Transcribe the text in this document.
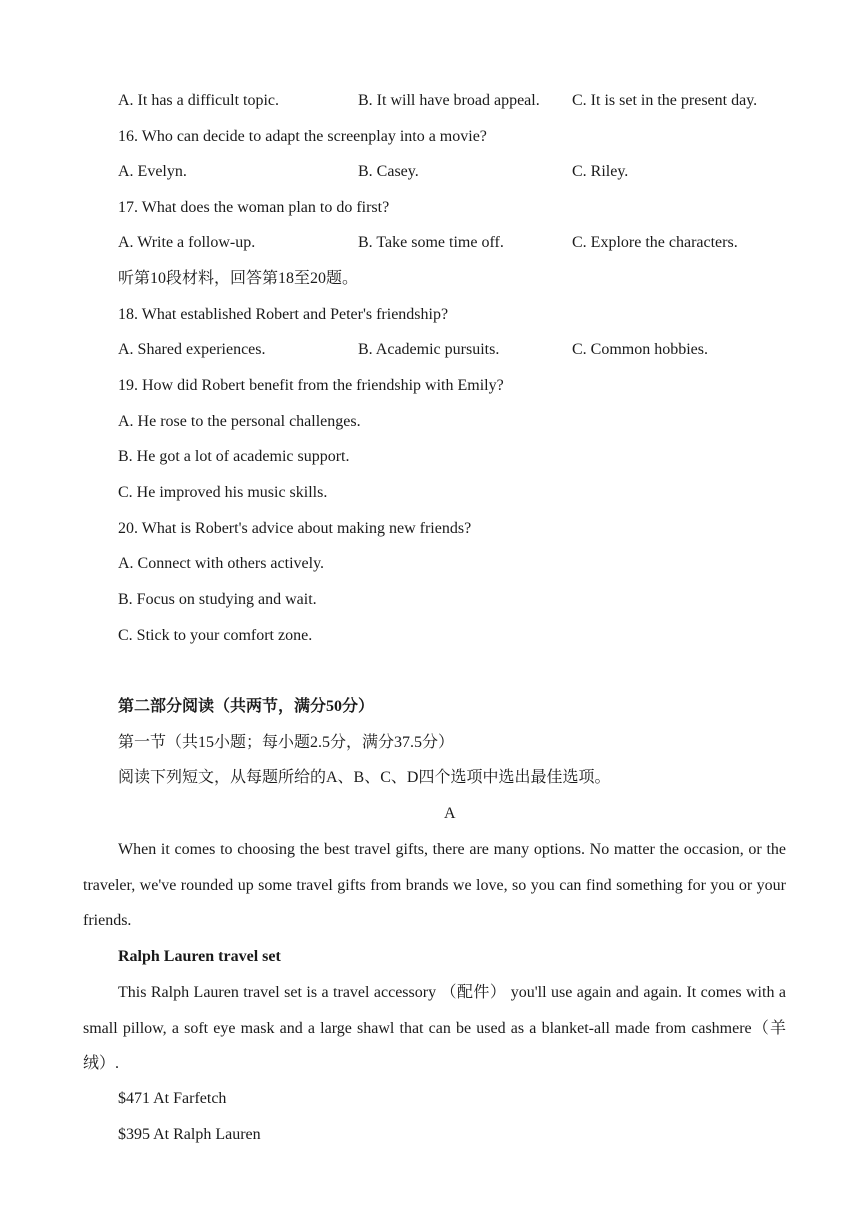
A. It has a difficult topic.	B. It will have broad appeal. C. It is set in the present day.
16. Who can decide to adapt the screenplay into a movie?
A. Evelyn.	B. Casey.	C. Riley.
17. What does the woman plan to do first?
A. Write a follow-up.	B. Take some time off.	C. Explore the characters.
听第10段材料，回答第18至20题。
18. What established Robert and Peter's friendship?
A. Shared experiences.	B. Academic pursuits.	C. Common hobbies.
19. How did Robert benefit from the friendship with Emily?
A. He rose to the personal challenges.
B. He got a lot of academic support.
C. He improved his music skills.
20. What is Robert's advice about making new friends?
A. Connect with others actively.
B. Focus on studying and wait.
C. Stick to your comfort zone.
第二部分阅读（共两节，满分50分）
第一节（共15小题；每小题2.5分，满分37.5分）
阅读下列短文，从每题所给的A、B、C、D四个选项中选出最佳选项。
A
When it comes to choosing the best travel gifts, there are many options. No matter the occasion, or the traveler, we've rounded up some travel gifts from brands we love, so you can find something for you or your friends.
Ralph Lauren travel set
This Ralph Lauren travel set is a travel accessory （配件） you'll use again and again. It comes with a small pillow, a soft eye mask and a large shawl that can be used as a blanket-all made from cashmere（羊绒）.
$471 At Farfetch
$395 At Ralph Lauren
